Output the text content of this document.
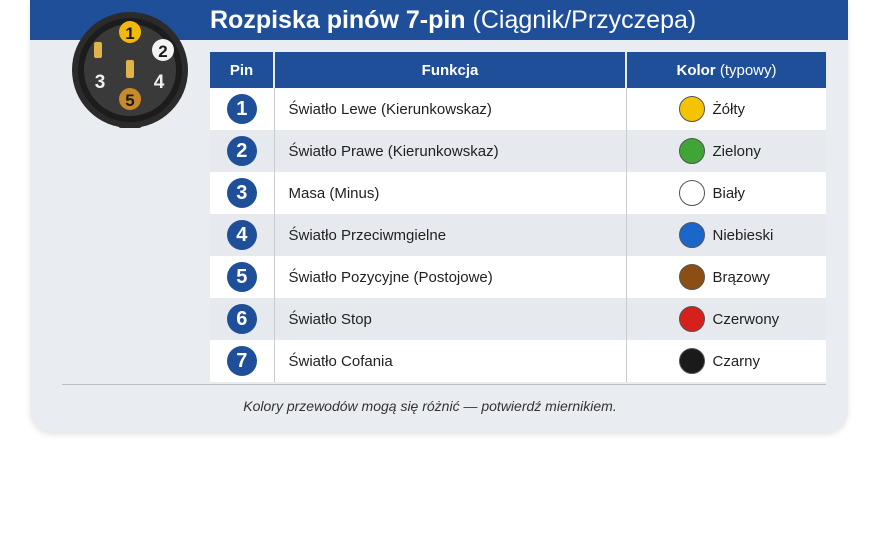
Rozpiska pinów 7-pin (Ciągnik/Przyczepa)
1
2
4
5
3
Pin	Funkcja	Kolor (typowy)
1	Światło Lewe (Kierunkowskaz)	Żółty

2	Światło Prawe (Kierunkowskaz)	Zielony

3	Masa (Minus)	Biały

4	Światło Przeciwmgielne	Niebieski

5	Światło Pozycyjne (Postojowe)	Brązowy

6	Światło Stop	Czerwony

7	Światło Cofania	Czarny
Kolory przewodów mogą się różnić — potwierdź miernikiem.
